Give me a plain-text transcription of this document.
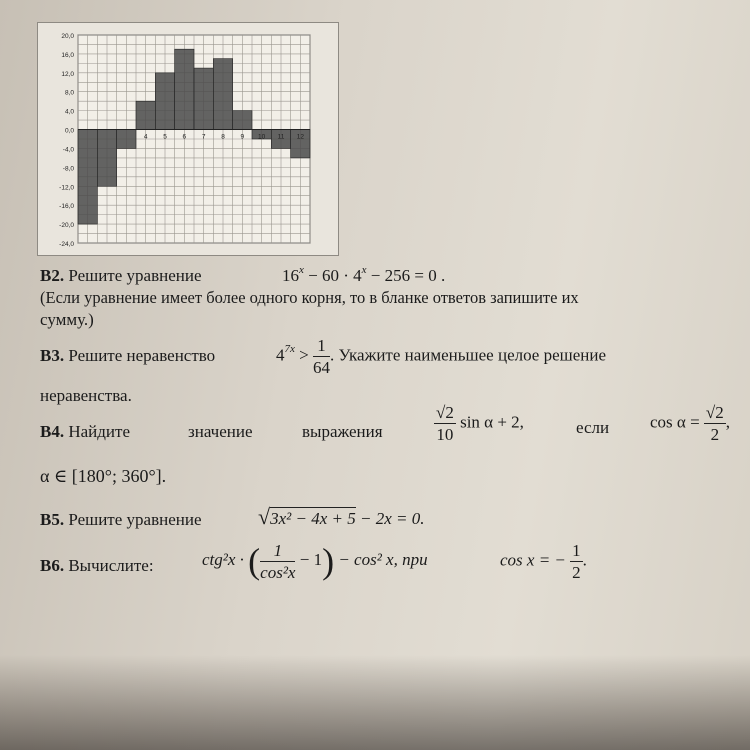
20,0
16,0
12,0
8,0
4,0
0,0
-4,0
-8,0
-12,0
-16,0
-20,0
-24,0
4 5 6 7 8 9 10 11 12
B2. Решите уравнение	$16^x - 60 \cdot 4^x - 256 = 0$ .
(Если уравнение имеет более одного корня, то в бланке ответов запишите их
сумму.)
B3. Решите неравенство	$4^{7x} > \frac{1}{64}$ . Укажите наименьшее целое решение
неравенства.
B4. Найдите	значение	выражения	$\frac{√2}{10}$ sin α + 2,	если $\cos \alpha = \frac{√2}{2}$ ,
α ∈ [180°; 360°].
B5. Решите уравнение	√3x² − 4x + 5 − 2x = 0.
B6. Вычислите:	ctg²x · ( $\frac{1}{\text{cos²x}} - 1) - \cos^2$ x, при	cos x = − $\frac{1}{2}$ .
